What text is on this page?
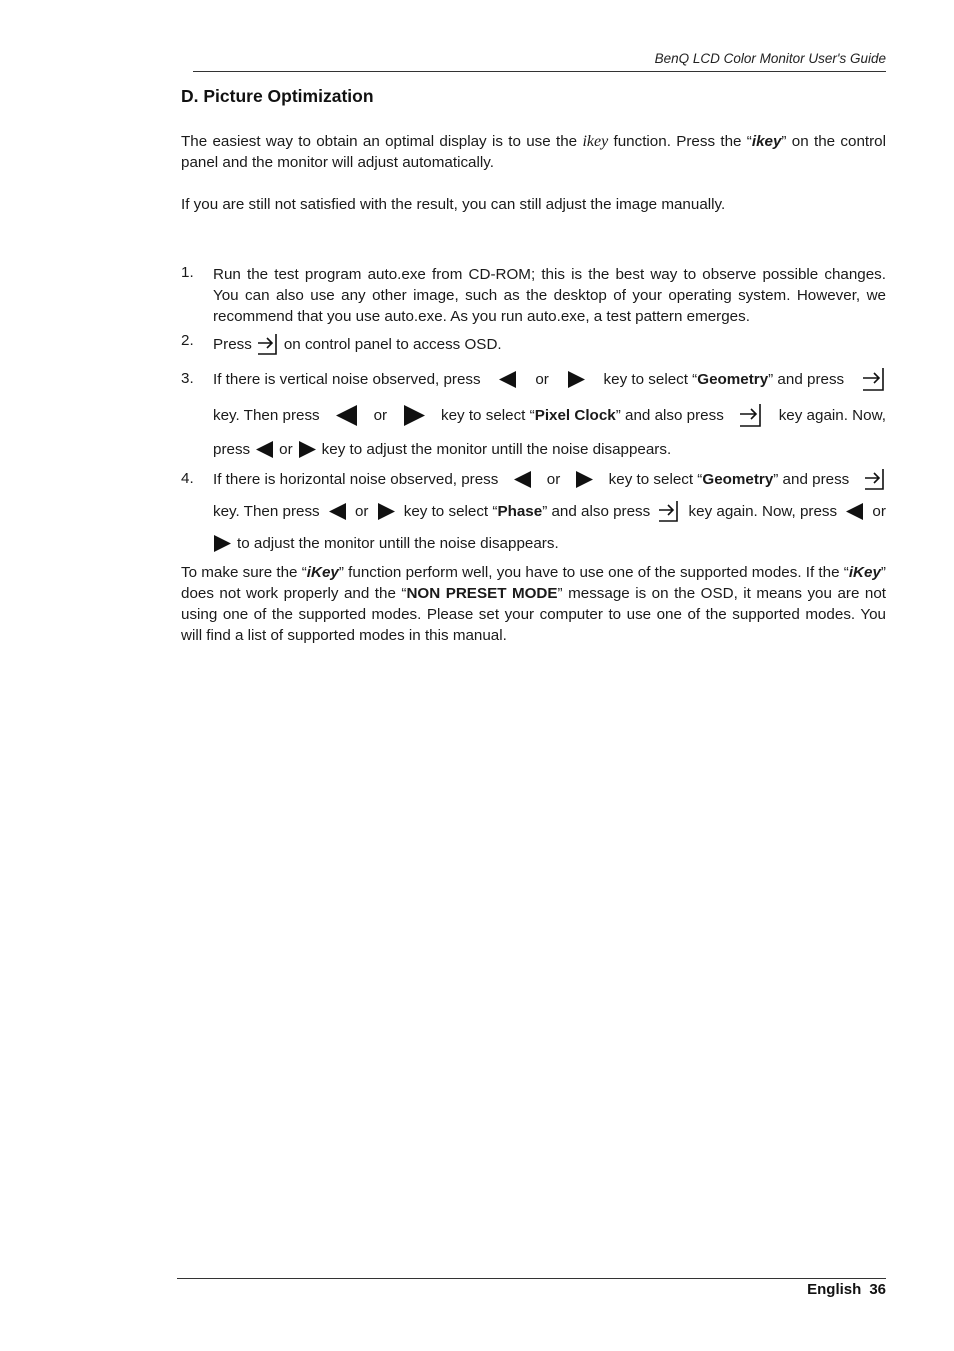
BenQ LCD Color Monitor User's Guide
D. Picture Optimization
The easiest way to obtain an optimal display is to use the ikey function. Press the “ikey” on the control panel and the monitor will adjust automatically.
If you are still not satisfied with the result, you can still adjust the image manually.
1. Run the test program auto.exe from CD-ROM; this is the best way to observe possible changes. You can also use any other image, such as the desktop of your operating system. However, we recommend that you use auto.exe. As you run auto.exe, a test pattern emerges.
2. Press on control panel to access OSD.
3. If there is vertical noise observed, press	or	key to select “Geometry” and press
key. Then press	or	key to select “Pixel Clock” and also press	key again. Now,
press or key to adjust the monitor untill the noise disappears.
4. If there is horizontal noise observed, press	or	key to select “Geometry” and press
key. Then press or key to select “Phase” and also press	key again. Now, press or
to adjust the monitor untill the noise disappears.
To make sure the “iKey” function perform well, you have to use one of the supported modes. If the “iKey” does not work properly and the “NON PRESET MODE” message is on the OSD, it means you are not using one of the supported modes. Please set your computer to use one of the supported modes. You will find a list of supported modes in this manual.
English 36
